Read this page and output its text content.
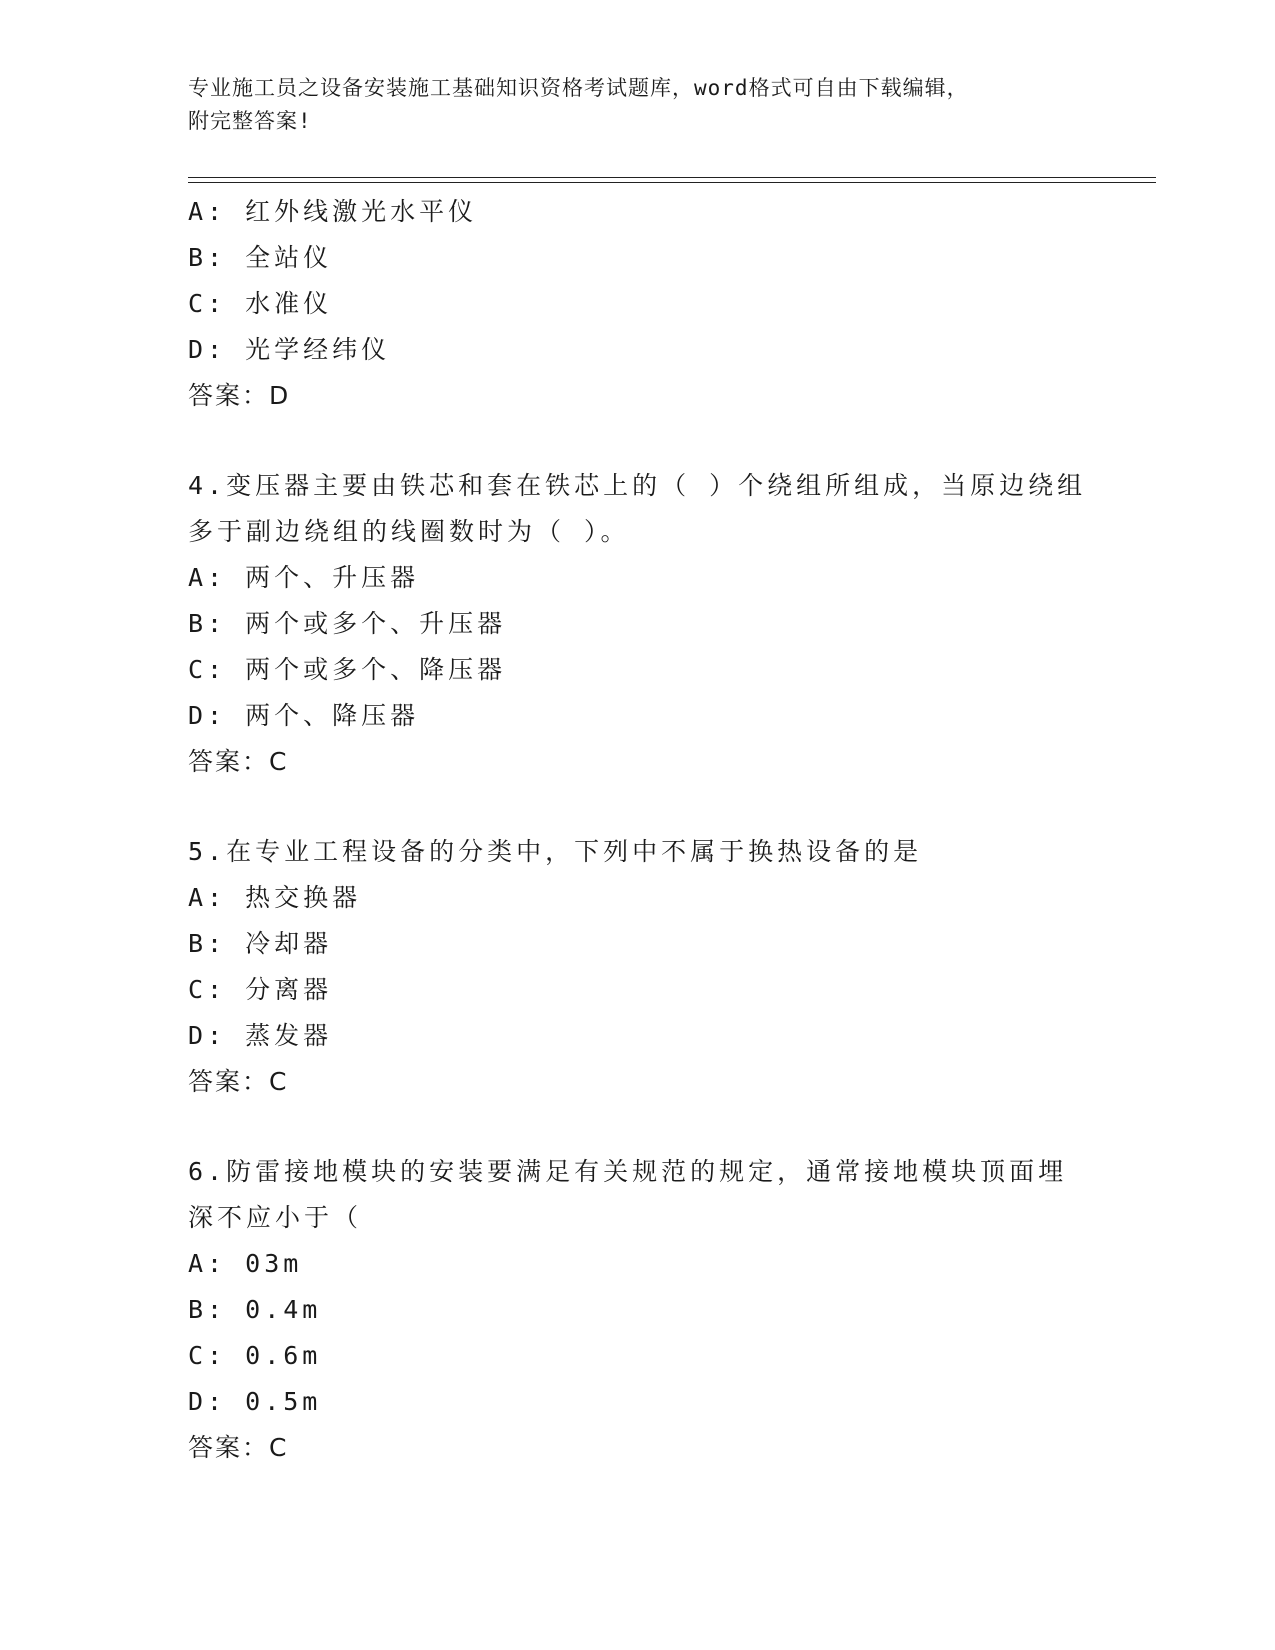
专业施工员之设备安装施工基础知识资格考试题库，word格式可自由下载编辑，
附完整答案!
A: 红外线激光水平仪
B: 全站仪
C: 水准仪
D: 光学经纬仪
答案：D
4.变压器主要由铁芯和套在铁芯上的（ ）个绕组所组成，当原边绕组
多于副边绕组的线圈数时为（ ）。
A: 两个、升压器
B: 两个或多个、升压器
C: 两个或多个、降压器
D: 两个、降压器
答案：C
5.在专业工程设备的分类中，下列中不属于换热设备的是
A: 热交换器
B: 冷却器
C: 分离器
D: 蒸发器
答案：C
6.防雷接地模块的安装要满足有关规范的规定，通常接地模块顶面埋
深不应小于（
A: 03m
B: 0.4m
C: 0.6m
D: 0.5m
答案：C
